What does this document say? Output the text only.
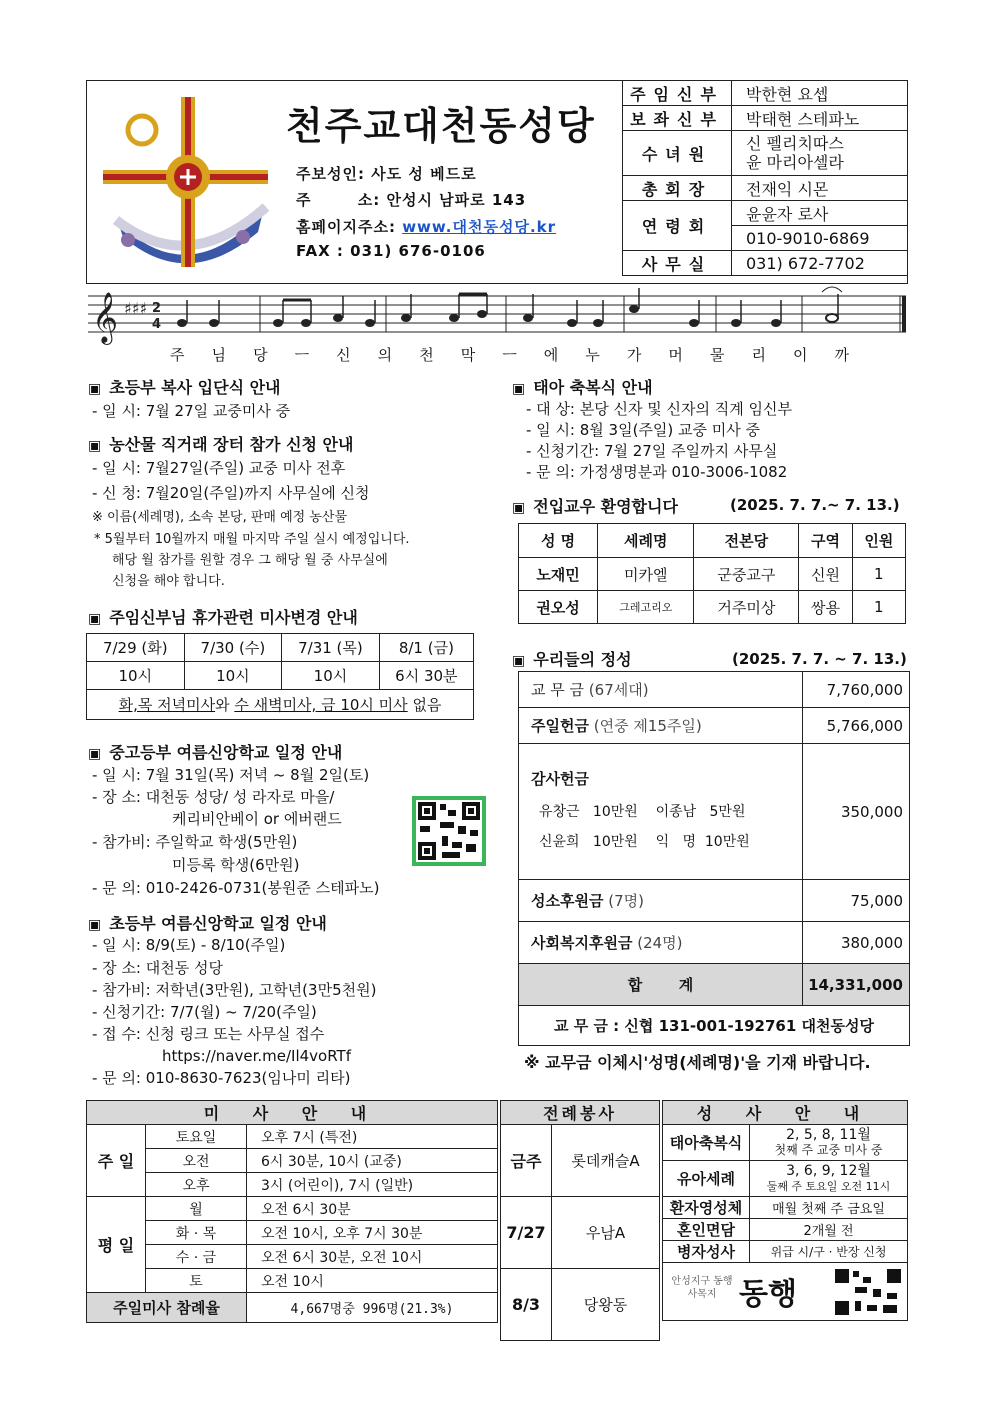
천주교대천동성당
주보성인: 사도 성 베드로
주	소: 안성시 남파로 143
홈페이지주소: www.대천동성당.kr
FAX : 031) 676-0106
주임신부	박한현 요셉
보좌신부	박태현 스테파노
수녀원	신 펠리치따스
윤 마리아셀라

총회장	전재익 시몬
연령회	윤윤자 로사
	010-9010-6869
사무실	031) 672-7702
𝄞 ♯♯♯ 2
4
주 님 당 ㅡ 신 의 천 막 ㅡ 에 누 가 머 물 리 이 까
▣ 초등부 복사 입단식 안내
- 일 시: 7월 27일 교중미사 중
▣ 농산물 직거래 장터 참가 신청 안내
- 일 시: 7월27일(주일) 교중 미사 전후
- 신 청: 7월20일(주일)까지 사무실에 신청
※ 이름(세례명), 소속 본당, 판매 예정 농산물
* 5월부터 10월까지 매월 마지막 주일 실시 예정입니다.
해당 월 참가를 원할 경우 그 해당 월 중 사무실에
신청을 해야 합니다.
▣ 주임신부님 휴가관련 미사변경 안내
7/29 (화)	7/30 (수)	7/31 (목)	8/1 (금)
10시	10시	10시	6시 30분
화,목 저녁미사와 수 새벽미사, 금 10시 미사 없음			
▣ 중고등부 여름신앙학교 일정 안내
- 일 시: 7월 31일(목) 저녁 ~ 8월 2일(토)
- 장 소: 대천동 성당/ 성 라자로 마을/
케리비안베이 or 에버랜드
- 참가비: 주일학교 학생(5만원)
미등록 학생(6만원)
- 문 의: 010-2426-0731(봉원준 스테파노)
▣ 초등부 여름신앙학교 일정 안내
- 일 시: 8/9(토) - 8/10(주일)
- 장 소: 대천동 성당
- 참가비: 저학년(3만원), 고학년(3만5천원)
- 신청기간: 7/7(월) ~ 7/20(주일)
- 접 수: 신청 링크 또는 사무실 접수
https://naver.me/Il4voRTf
- 문 의: 010-8630-7623(임나미 리타)
▣ 태아 축복식 안내
- 대 상: 본당 신자 및 신자의 직계 임신부
- 일 시: 8월 3일(주일) 교중 미사 중
- 신청기간: 7월 27일 주일까지 사무실
- 문 의: 가정생명분과 010-3006-1082
▣ 전입교우 환영합니다	(2025. 7. 7.~ 7. 13.)
성 명	세례명	전본당	구역	인원
노재민	미카엘	군중교구	신원	1
권오성	그레고리오	거주미상	쌍용	1
▣ 우리들의 정성	(2025. 7. 7. ~ 7. 13.)
교 무 금 (67세대)	7,760,000
주일헌금 (연중 제15주일)	5,766,000

감사헌금
유창근   10만원    이종남   5만원
신윤희   10만원    익   명  10만원	350,000
성소후원금 (7명)	75,000
사회복지후원금 (24명)	380,000
합       계	14,331,000
교 무 금 : 신협 131-001-192761 대천동성당	
※ 교무금 이체시'성명(세례명)'을 기재 바랍니다.
미 사 안 내		
주 일	토요일	오후 7시 (특전)
	오전	6시 30분, 10시 (교중)
	오후	3시 (어린이), 7시 (일반)
평 일	월	오전 6시 30분
	화 · 목	오전 10시, 오후 7시 30분
	수 · 금	오전 6시 30분, 오전 10시
	토	오전 10시
주일미사 참례율		4,667명중 996명(21.3%)
전례봉사	
금주	롯데캐슬A
7/27	우남A
8/3	당왕동
성 사 안 내	
태아축복식	2, 5, 8, 11월
첫째 주 교중 미사 중

유아세례	3, 6, 9, 12월
둘째 주 토요일 오전 11시

환자영성체	매월 첫째 주 금요일
혼인면담	2개월 전
병자성사	위급 시/구 · 반장 신청

안성지구 동행사목지 동행	
